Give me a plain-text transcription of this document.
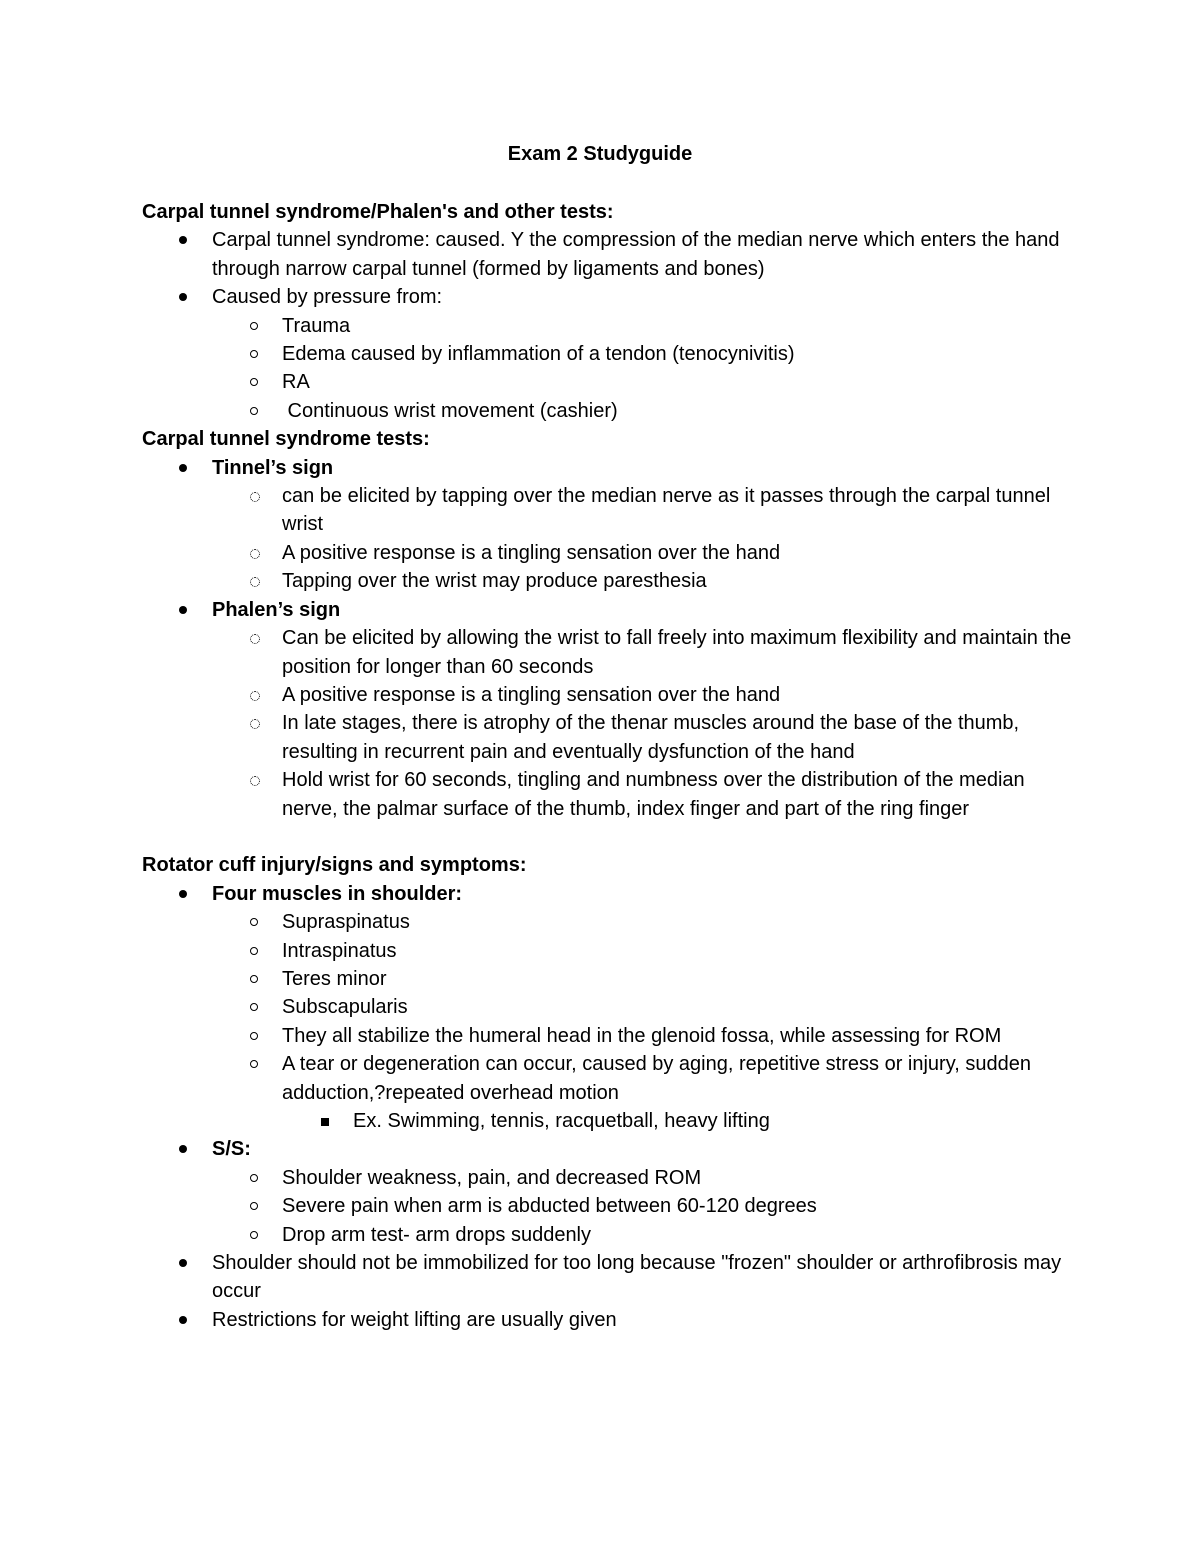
Exam 2 Studyguide
Carpal tunnel syndrome/Phalen's and other tests:
Carpal tunnel syndrome: caused. Y the compression of the median nerve which enters the hand through narrow carpal tunnel (formed by ligaments and bones)
Caused by pressure from:
Trauma
Edema caused by inflammation of a tendon (tenocynivitis)
RA
Continuous wrist movement (cashier)
Carpal tunnel syndrome tests:
Tinnel’s sign
can be elicited by tapping over the median nerve as it passes through the carpal tunnel wrist
A positive response is a tingling sensation over the hand
Tapping over the wrist may produce paresthesia
Phalen’s sign
Can be elicited by allowing the wrist to fall freely into maximum flexibility and maintain the position for longer than 60 seconds
A positive response is a tingling sensation over the hand
In late stages, there is atrophy of the thenar muscles around the base of the thumb, resulting in recurrent pain and eventually dysfunction of the hand
Hold wrist for 60 seconds, tingling and numbness over the distribution of the median nerve, the palmar surface of the thumb, index finger and part of the ring finger
Rotator cuff injury/signs and symptoms:
Four muscles in shoulder:
Supraspinatus
Intraspinatus
Teres minor
Subscapularis
They all stabilize the humeral head in the glenoid fossa, while assessing for ROM
A tear or degeneration can occur, caused by aging, repetitive stress or injury, sudden adduction,?repeated overhead motion
Ex. Swimming, tennis, racquetball, heavy lifting
S/S:
Shoulder weakness, pain, and decreased ROM
Severe pain when arm is abducted between 60-120 degrees
Drop arm test- arm drops suddenly
Shoulder should not be immobilized for too long because "frozen" shoulder or arthrofibrosis may occur
Restrictions for weight lifting are usually given
